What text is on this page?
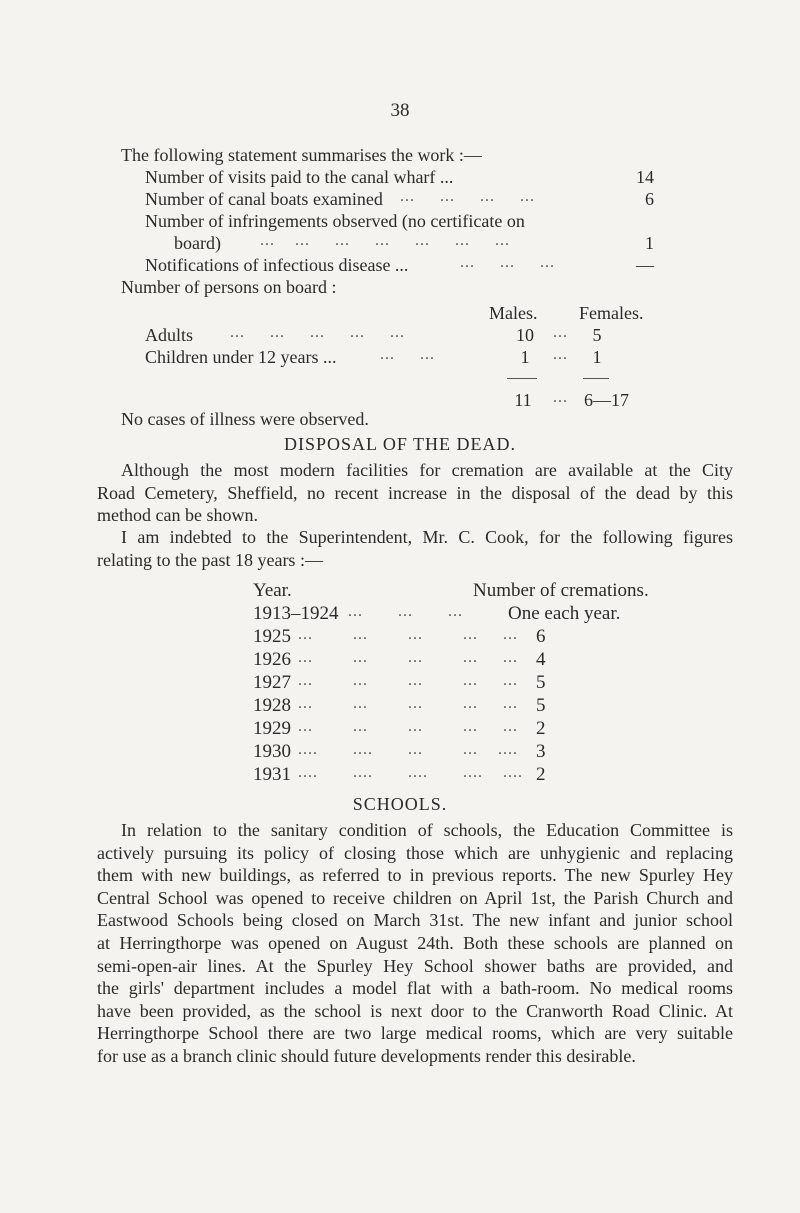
38
The following statement summarises the work :—
Number of visits paid to the canal wharf ...	14
Number of canal boats examined ...     ...     ...     ...	6
Number of infringements observed (no certificate on
board) ...    ...     ...     ...     ...     ...     ...	1
Notifications of infectious disease ...	...     ...     ...	—
Number of persons on board :
Males. Females.
Adults ...     ...     ...     ...     ...	10	...	5
Children under 12 years ...	...     ...	1	...	1
11	... 6—17
No cases of illness were observed.
DISPOSAL OF THE DEAD.
Although the most modern facilities for cremation are available at the City
Road Cemetery, Sheffield, no recent increase in the disposal of the dead by this
method can be shown.
I am indebted to the Superintendent, Mr. C. Cook, for the following figures
relating to the past 18 years :—
Year.	Number of cremations.
1913–1924 ...       ...       ... One each year.
1925 ...        ...        ...        ...     ... 6
1926 ...        ...        ...        ...     ... 4
1927 ...        ...        ...        ...     ... 5
1928 ...        ...        ...        ...     ... 5
1929 ...        ...        ...        ...     ... 2
1930 ....       ....       ...        ...    .... 3
1931 ....       ....       ....       ....    .... 2
SCHOOLS.
In relation to the sanitary condition of schools, the Education Committee is
actively pursuing its policy of closing those which are unhygienic and replacing
them with new buildings, as referred to in previous reports. The new Spurley Hey
Central School was opened to receive children on April 1st, the Parish Church and
Eastwood Schools being closed on March 31st. The new infant and junior school
at Herringthorpe was opened on August 24th. Both these schools are planned on
semi-open-air lines. At the Spurley Hey School shower baths are provided, and
the girls' department includes a model flat with a bath-room. No medical rooms
have been provided, as the school is next door to the Cranworth Road Clinic. At
Herringthorpe School there are two large medical rooms, which are very suitable
for use as a branch clinic should future developments render this desirable.
